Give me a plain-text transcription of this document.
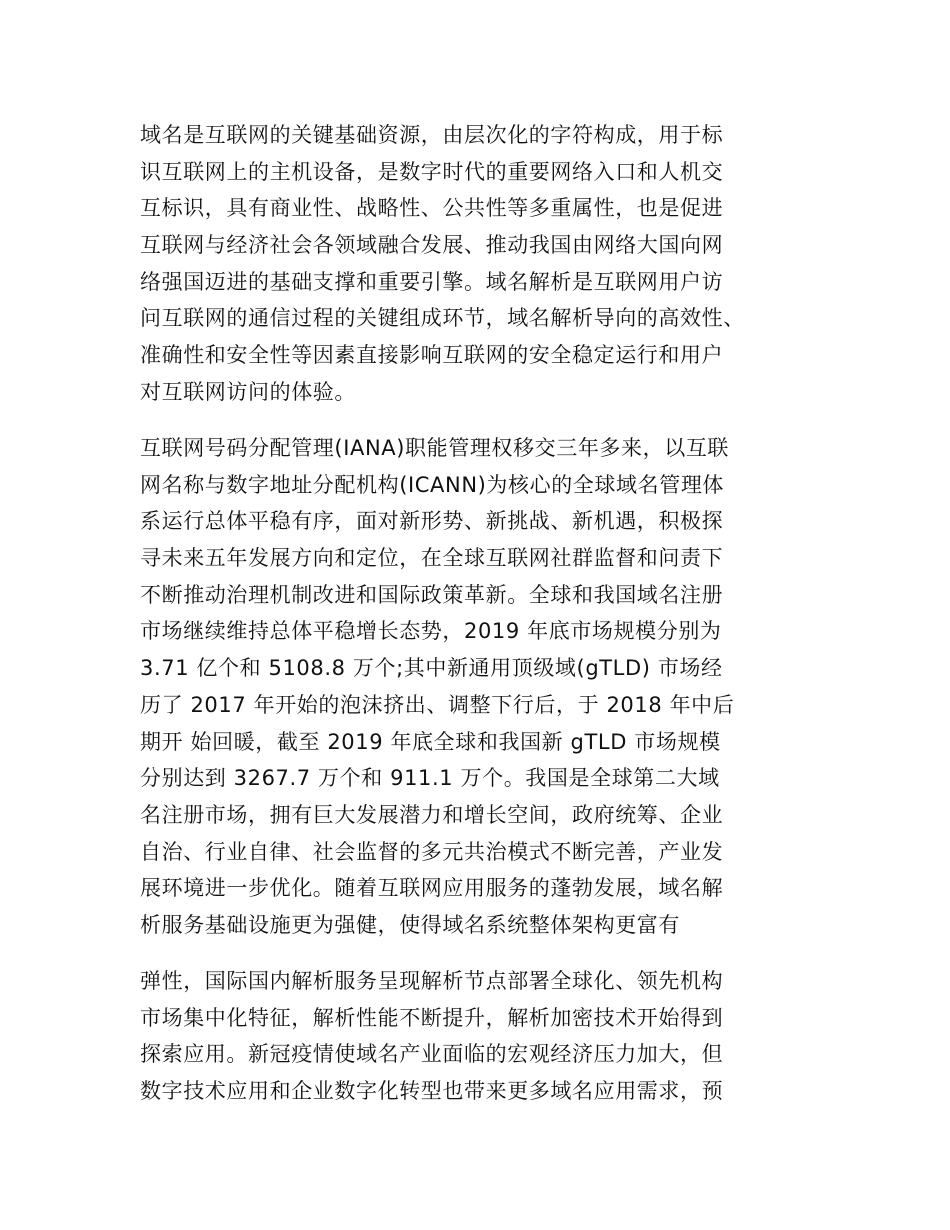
域名是互联网的关键基础资源，由层次化的字符构成，用于标
识互联网上的主机设备，是数字时代的重要网络入口和人机交
互标识，具有商业性、战略性、公共性等多重属性，也是促进
互联网与经济社会各领域融合发展、推动我国由网络大国向网
络强国迈进的基础支撑和重要引擎。域名解析是互联网用户访
问互联网的通信过程的关键组成环节，域名解析导向的高效性、
准确性和安全性等因素直接影响互联网的安全稳定运行和用户
对互联网访问的体验。
互联网号码分配管理(IANA)职能管理权移交三年多来，以互联
网名称与数字地址分配机构(ICANN)为核心的全球域名管理体
系运行总体平稳有序，面对新形势、新挑战、新机遇，积极探
寻未来五年发展方向和定位，在全球互联网社群监督和问责下
不断推动治理机制改进和国际政策革新。全球和我国域名注册
市场继续维持总体平稳增长态势，2019 年底市场规模分别为
3.71 亿个和 5108.8 万个;其中新通用顶级域(gTLD) 市场经
历了 2017 年开始的泡沫挤出、调整下行后，于 2018 年中后
期开 始回暖，截至 2019 年底全球和我国新 gTLD 市场规模
分别达到 3267.7 万个和 911.1 万个。我国是全球第二大域
名注册市场，拥有巨大发展潜力和增长空间，政府统筹、企业
自治、行业自律、社会监督的多元共治模式不断完善，产业发
展环境进一步优化。随着互联网应用服务的蓬勃发展，域名解
析服务基础设施更为强健，使得域名系统整体架构更富有
弹性，国际国内解析服务呈现解析节点部署全球化、领先机构
市场集中化特征，解析性能不断提升，解析加密技术开始得到
探索应用。新冠疫情使域名产业面临的宏观经济压力加大，但
数字技术应用和企业数字化转型也带来更多域名应用需求，预
